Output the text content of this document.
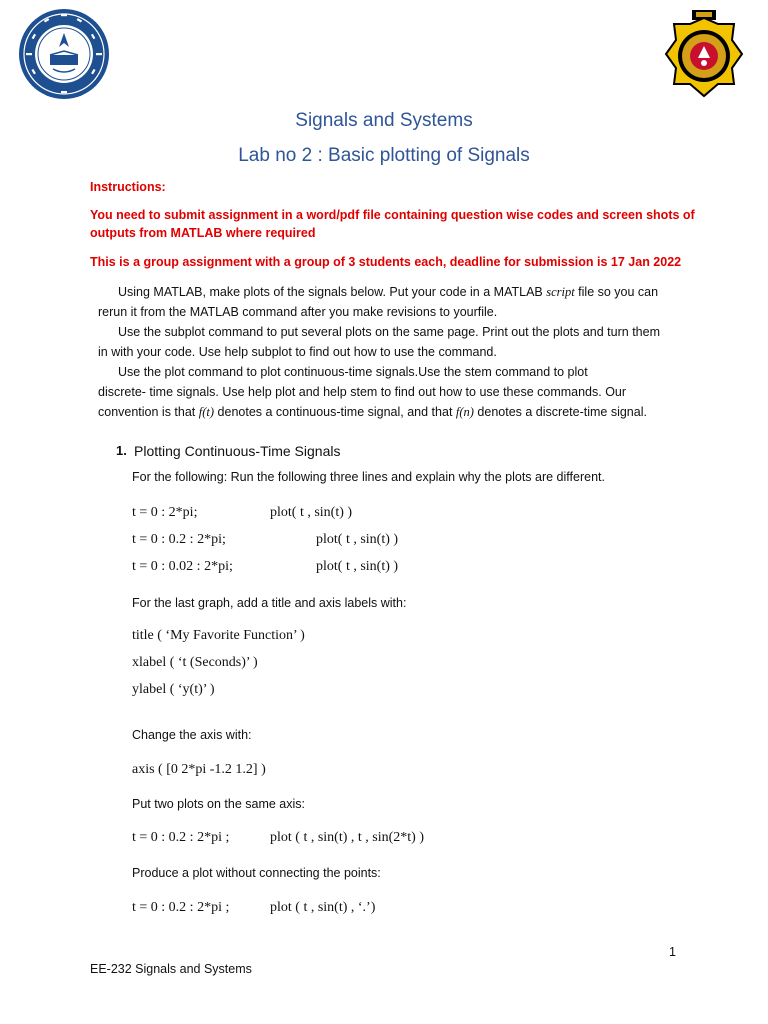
Signals and Systems
Lab no 2 : Basic plotting of Signals
Instructions:
You need to submit assignment in a word/pdf file containing question wise codes and screen shots of
outputs from MATLAB where required
This is a group assignment with a group of 3 students each, deadline for submission is 17 Jan 2022

Using MATLAB, make plots of the signals below. Put your code in a MATLAB script file so you can

rerun it from the MATLAB command after you make revisions to yourfile.

Use the subplot command to put several plots on the same page. Print out the plots and turn them

in with your code. Use help subplot to find out how to use the command.

Use the plot command to plot continuous-time signals.Use the stem command to plot

discrete- time signals. Use help plot and help stem to find out how to use these commands. Our

convention is that f(t) denotes a continuous-time signal, and that f(n) denotes a discrete-time signal.

1. Plotting Continuous-Time Signals
For the following: Run the following three lines and explain why the plots are different.
t = 0 : 2*pi;	plot( t , sin(t) )
t = 0 : 0.2 : 2*pi;	plot( t , sin(t) )
t = 0 : 0.02 : 2*pi;	plot( t , sin(t) )
For the last graph, add a title and axis labels with:
title ( ‘My Favorite Function’ )
xlabel ( ‘t (Seconds)’ )
ylabel ( ‘y(t)’ )
Change the axis with:
axis ( [0 2*pi -1.2 1.2] )
Put two plots on the same axis:
t = 0 : 0.2 : 2*pi ;	plot ( t , sin(t) , t , sin(2*t) )
Produce a plot without connecting the points:
t = 0 : 0.2 : 2*pi ;	plot ( t , sin(t) , ‘.’)
1
EE-232 Signals and Systems
